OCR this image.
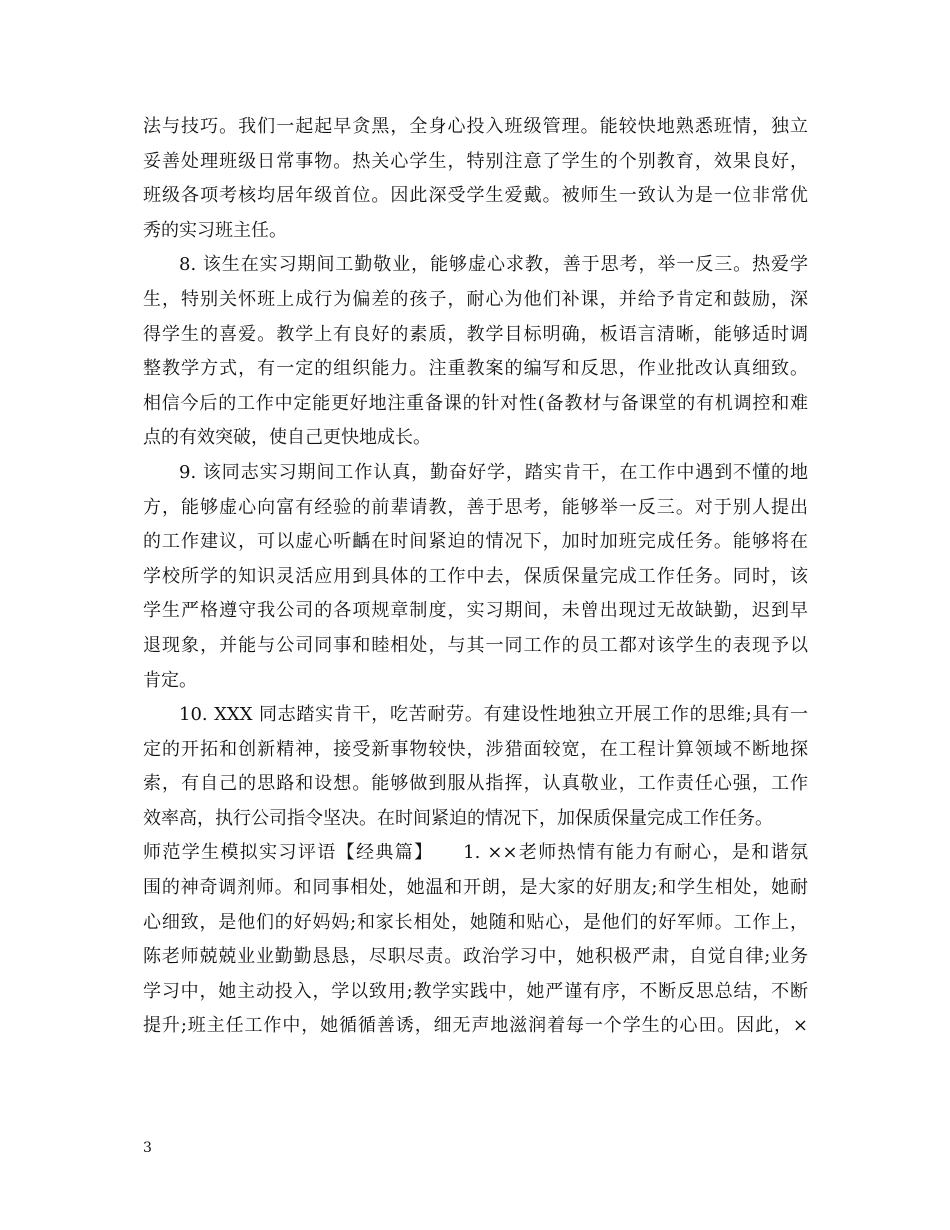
法与技巧。我们一起起早贪黑，全身心投入班级管理。能较快地熟悉班情，独立
妥善处理班级日常事物。热关心学生，特别注意了学生的个别教育，效果良好，
班级各项考核均居年级首位。因此深受学生爱戴。被师生一致认为是一位非常优
秀的实习班主任。
8. 该生在实习期间工勤敬业，能够虚心求教，善于思考，举一反三。热爱学
生，特别关怀班上成行为偏差的孩子，耐心为他们补课，并给予肯定和鼓励，深
得学生的喜爱。教学上有良好的素质，教学目标明确，板语言清晰，能够适时调
整教学方式，有一定的组织能力。注重教案的编写和反思，作业批改认真细致。
相信今后的工作中定能更好地注重备课的针对性(备教材与备课堂的有机调控和难
点的有效突破，使自己更快地成长。
9. 该同志实习期间工作认真，勤奋好学，踏实肯干，在工作中遇到不懂的地
方，能够虚心向富有经验的前辈请教，善于思考，能够举一反三。对于别人提出
的工作建议，可以虚心听齲在时间紧迫的情况下，加时加班完成任务。能够将在
学校所学的知识灵活应用到具体的工作中去，保质保量完成工作任务。同时，该
学生严格遵守我公司的各项规章制度，实习期间，未曾出现过无故缺勤，迟到早
退现象，并能与公司同事和睦相处，与其一同工作的员工都对该学生的表现予以
肯定。
10. XXX 同志踏实肯干，吃苦耐劳。有建设性地独立开展工作的思维;具有一
定的开拓和创新精神，接受新事物较快，涉猎面较宽，在工程计算领域不断地探
索，有自己的思路和设想。能够做到服从指挥，认真敬业，工作责任心强，工作
效率高，执行公司指令坚决。在时间紧迫的情况下，加保质保量完成工作任务。
师范学生模拟实习评语【经典篇】　　1. ××老师热情有能力有耐心，是和谐氛
围的神奇调剂师。和同事相处，她温和开朗，是大家的好朋友;和学生相处，她耐
心细致，是他们的好妈妈;和家长相处，她随和贴心，是他们的好军师。工作上，
陈老师兢兢业业勤勤恳恳，尽职尽责。政治学习中，她积极严肃，自觉自律;业务
学习中，她主动投入，学以致用;教学实践中，她严谨有序，不断反思总结，不断
提升;班主任工作中，她循循善诱，细无声地滋润着每一个学生的心田。因此，×
3
